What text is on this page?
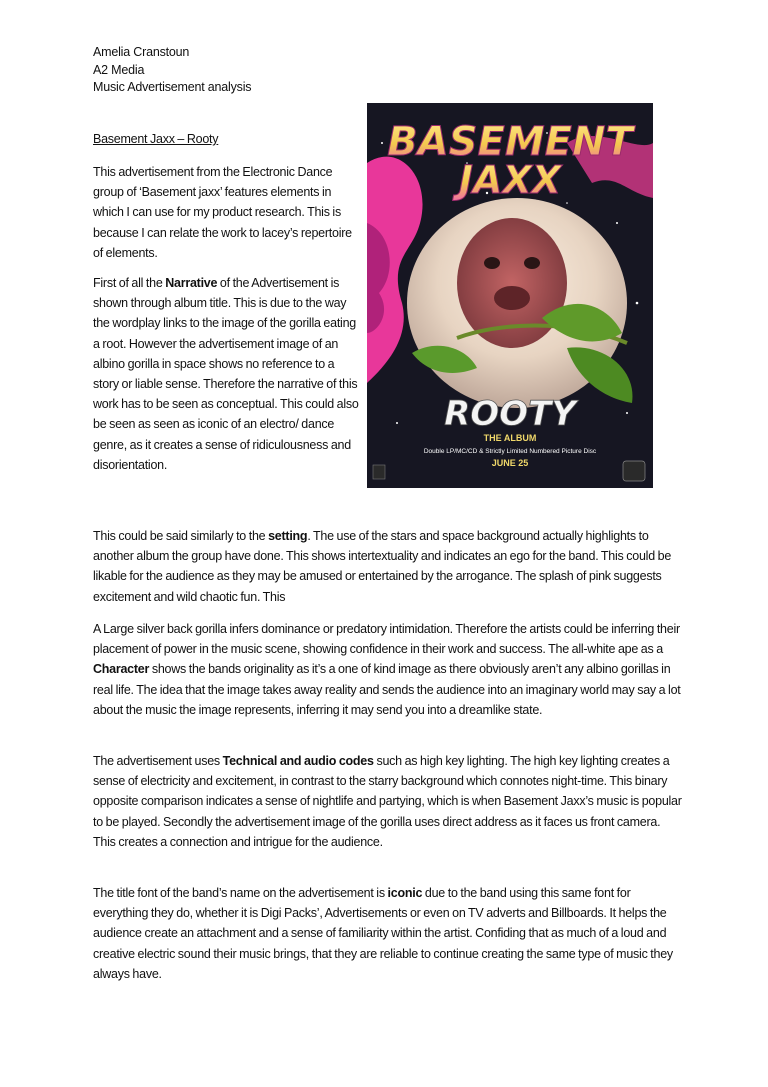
Amelia Cranstoun
A2 Media
Music Advertisement analysis
Basement Jaxx – Rooty

This advertisement from the Electronic Dance group of ‘Basement jaxx’ features elements in which I can use for my product research. This is because I can relate the work to lacey’s repertoire of elements.

First of all the Narrative of the Advertisement is shown through album title. This is due to the way the wordplay links to the image of the gorilla eating a root. However the advertisement image of an albino gorilla in space shows no reference to a story or liable sense. Therefore the narrative of this work has to be seen as conceptual. This could also be seen as seen as iconic of an electro/ dance genre, as it creates a sense of ridiculousness and disorientation.

BASEMENT
JAXX
ROOTY
THE ALBUM
Double LP/MC/CD & Strictly Limited Numbered Picture Disc
JUNE 25

This could be said similarly to the setting. The use of the stars and space background actually highlights to another album the group have done. This shows intertextuality and indicates an ego for the band. This could be likable for the audience as they may be amused or entertained by the arrogance. The splash of pink suggests excitement and wild chaotic fun. This

A Large silver back gorilla infers dominance or predatory intimidation. Therefore the artists could be inferring their placement of power in the music scene, showing confidence in their work and success. The all-white ape as a Character shows the bands originality as it’s a one of kind image as there obviously aren’t any albino gorillas in real life. The idea that the image takes away reality and sends the audience into an imaginary world may say a lot about the music the image represents, inferring it may send you into a dreamlike state.

The advertisement uses Technical and audio codes such as high key lighting. The high key lighting creates a sense of electricity and excitement, in contrast to the starry background which connotes night-time. This binary opposite comparison indicates a sense of nightlife and partying, which is when Basement Jaxx’s music is popular to be played. Secondly the advertisement image of the gorilla uses direct address as it faces us front camera. This creates a connection and intrigue for the audience.

The title font of the band’s name on the advertisement is iconic due to the band using this same font for everything they do, whether it is Digi Packs’, Advertisements or even on TV adverts and Billboards. It helps the audience create an attachment and a sense of familiarity within the artist. Confiding that as much of a loud and creative electric sound their music brings, that they are reliable to continue creating the same type of music they always have.
